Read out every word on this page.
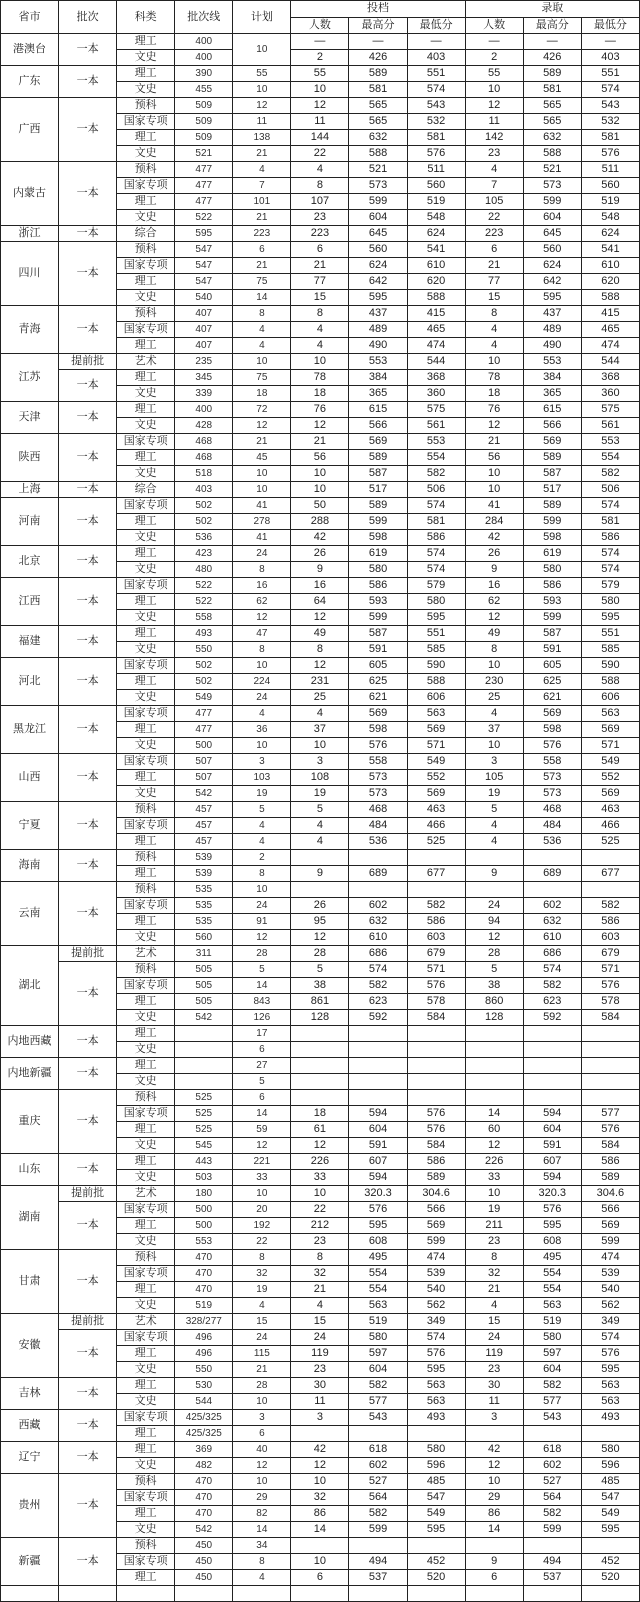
省市	批次	科类	批次线	计划	投档			录取		
					人数	最高分	最低分	人数	最高分	最低分
港澳台	一本	理工	400	10	—	—	—	—	—	—
		文史	400		2	426	403	2	426	403
广东	一本	理工	390	55	55	589	551	55	589	551
		文史	455	10	10	581	574	10	581	574
广西	一本	预科	509	12	12	565	543	12	565	543
		国家专项	509	11	11	565	532	11	565	532
		理工	509	138	144	632	581	142	632	581
		文史	521	21	22	588	576	23	588	576
内蒙古	一本	预科	477	4	4	521	511	4	521	511
		国家专项	477	7	8	573	560	7	573	560
		理工	477	101	107	599	519	105	599	519
		文史	522	21	23	604	548	22	604	548
浙江	一本	综合	595	223	223	645	624	223	645	624
四川	一本	预科	547	6	6	560	541	6	560	541
		国家专项	547	21	21	624	610	21	624	610
		理工	547	75	77	642	620	77	642	620
		文史	540	14	15	595	588	15	595	588
青海	一本	预科	407	8	8	437	415	8	437	415
		国家专项	407	4	4	489	465	4	489	465
		理工	407	4	4	490	474	4	490	474
江苏	提前批	艺术	235	10	10	553	544	10	553	544
	一本	理工	345	75	78	384	368	78	384	368
		文史	339	18	18	365	360	18	365	360
天津	一本	理工	400	72	76	615	575	76	615	575
		文史	428	12	12	566	561	12	566	561
陕西	一本	国家专项	468	21	21	569	553	21	569	553
		理工	468	45	56	589	554	56	589	554
		文史	518	10	10	587	582	10	587	582
上海	一本	综合	403	10	10	517	506	10	517	506
河南	一本	国家专项	502	41	50	589	574	41	589	574
		理工	502	278	288	599	581	284	599	581
		文史	536	41	42	598	586	42	598	586
北京	一本	理工	423	24	26	619	574	26	619	574
		文史	480	8	9	580	574	9	580	574
江西	一本	国家专项	522	16	16	586	579	16	586	579
		理工	522	62	64	593	580	62	593	580
		文史	558	12	12	599	595	12	599	595
福建	一本	理工	493	47	49	587	551	49	587	551
		文史	550	8	8	591	585	8	591	585
河北	一本	国家专项	502	10	12	605	590	10	605	590
		理工	502	224	231	625	588	230	625	588
		文史	549	24	25	621	606	25	621	606
黑龙江	一本	国家专项	477	4	4	569	563	4	569	563
		理工	477	36	37	598	569	37	598	569
		文史	500	10	10	576	571	10	576	571
山西	一本	国家专项	507	3	3	558	549	3	558	549
		理工	507	103	108	573	552	105	573	552
		文史	542	19	19	573	569	19	573	569
宁夏	一本	预科	457	5	5	468	463	5	468	463
		国家专项	457	4	4	484	466	4	484	466
		理工	457	4	4	536	525	4	536	525
海南	一本	预科	539	2						
		理工	539	8	9	689	677	9	689	677
云南	一本	预科	535	10						
		国家专项	535	24	26	602	582	24	602	582
		理工	535	91	95	632	586	94	632	586
		文史	560	12	12	610	603	12	610	603
湖北	提前批	艺术	311	28	28	686	679	28	686	679
	一本	预科	505	5	5	574	571	5	574	571
		国家专项	505	14	38	582	576	38	582	576
		理工	505	843	861	623	578	860	623	578
		文史	542	126	128	592	584	128	592	584
内地西藏	一本	理工		17						
		文史		6						
内地新疆	一本	理工		27						
		文史		5						
重庆	一本	预科	525	6						
		国家专项	525	14	18	594	576	14	594	577
		理工	525	59	61	604	576	60	604	576
		文史	545	12	12	591	584	12	591	584
山东	一本	理工	443	221	226	607	586	226	607	586
		文史	503	33	33	594	589	33	594	589
湖南	提前批	艺术	180	10	10	320.3	304.6	10	320.3	304.6
	一本	国家专项	500	20	22	576	566	19	576	566
		理工	500	192	212	595	569	211	595	569
		文史	553	22	23	608	599	23	608	599
甘肃	一本	预科	470	8	8	495	474	8	495	474
		国家专项	470	32	32	554	539	32	554	539
		理工	470	19	21	554	540	21	554	540
		文史	519	4	4	563	562	4	563	562
安徽	提前批	艺术	328/277	15	15	519	349	15	519	349
	一本	国家专项	496	24	24	580	574	24	580	574
		理工	496	115	119	597	576	119	597	576
		文史	550	21	23	604	595	23	604	595
吉林	一本	理工	530	28	30	582	563	30	582	563
		文史	544	10	11	577	563	11	577	563
西藏	一本	国家专项	425/325	3	3	543	493	3	543	493
		理工	425/325	6						
辽宁	一本	理工	369	40	42	618	580	42	618	580
		文史	482	12	12	602	596	12	602	596
贵州	一本	预科	470	10	10	527	485	10	527	485
		国家专项	470	29	32	564	547	29	564	547
		理工	470	82	86	582	549	86	582	549
		文史	542	14	14	599	595	14	599	595
新疆	一本	预科	450	34						
		国家专项	450	8	10	494	452	9	494	452
		理工	450	4	6	537	520	6	537	520
